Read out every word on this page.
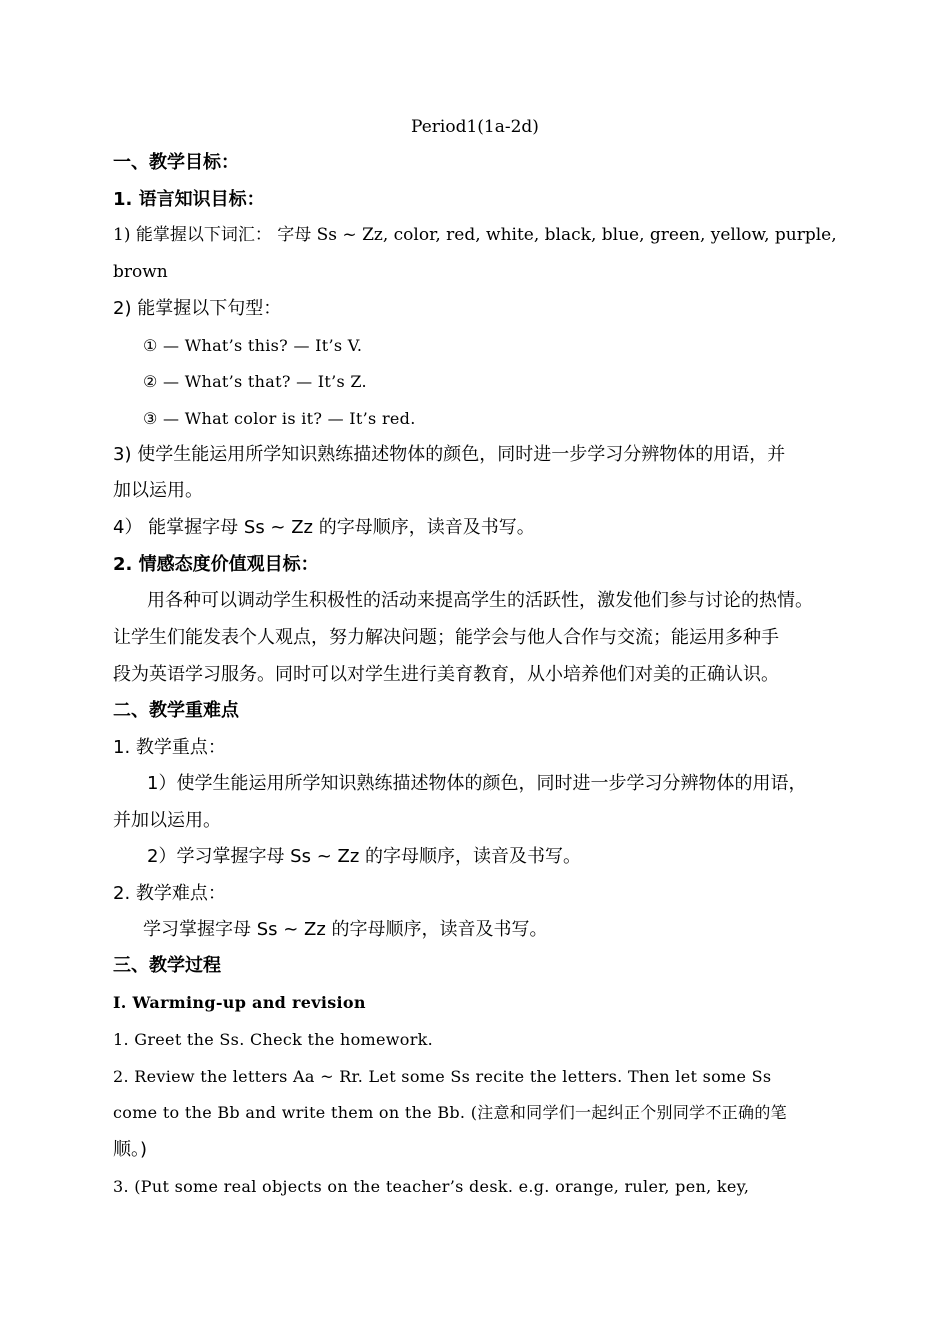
Period1(1a-2d)
一、教学目标：
1. 语言知识目标：
1) 能掌握以下词汇： 字母 Ss ~ Zz, color, red, white, black, blue, green, yellow, purple,
brown
2) 能掌握以下句型：
① — What’s this? — It’s V.
② — What’s that? — It’s Z.
③ — What color is it? — It’s red.
3) 使学生能运用所学知识熟练描述物体的颜色，同时进一步学习分辨物体的用语，并
加以运用。
4） 能掌握字母 Ss ~ Zz 的字母顺序，读音及书写。
2. 情感态度价值观目标：
用各种可以调动学生积极性的活动来提高学生的活跃性，激发他们参与讨论的热情。
让学生们能发表个人观点，努力解决问题；能学会与他人合作与交流；能运用多种手
段为英语学习服务。同时可以对学生进行美育教育，从小培养他们对美的正确认识。
二、教学重难点
1. 教学重点：
1）使学生能运用所学知识熟练描述物体的颜色，同时进一步学习分辨物体的用语，
并加以运用。
2）学习掌握字母 Ss ~ Zz 的字母顺序，读音及书写。
2. 教学难点：
学习掌握字母 Ss ~ Zz 的字母顺序，读音及书写。
三、教学过程
I. Warming-up and revision
1. Greet the Ss. Check the homework.
2. Review the letters Aa ~ Rr. Let some Ss recite the letters. Then let some Ss
come to the Bb and write them on the Bb. (注意和同学们一起纠正个别同学不正确的笔
顺。)
3. (Put some real objects on the teacher’s desk. e.g. orange, ruler, pen, key,
